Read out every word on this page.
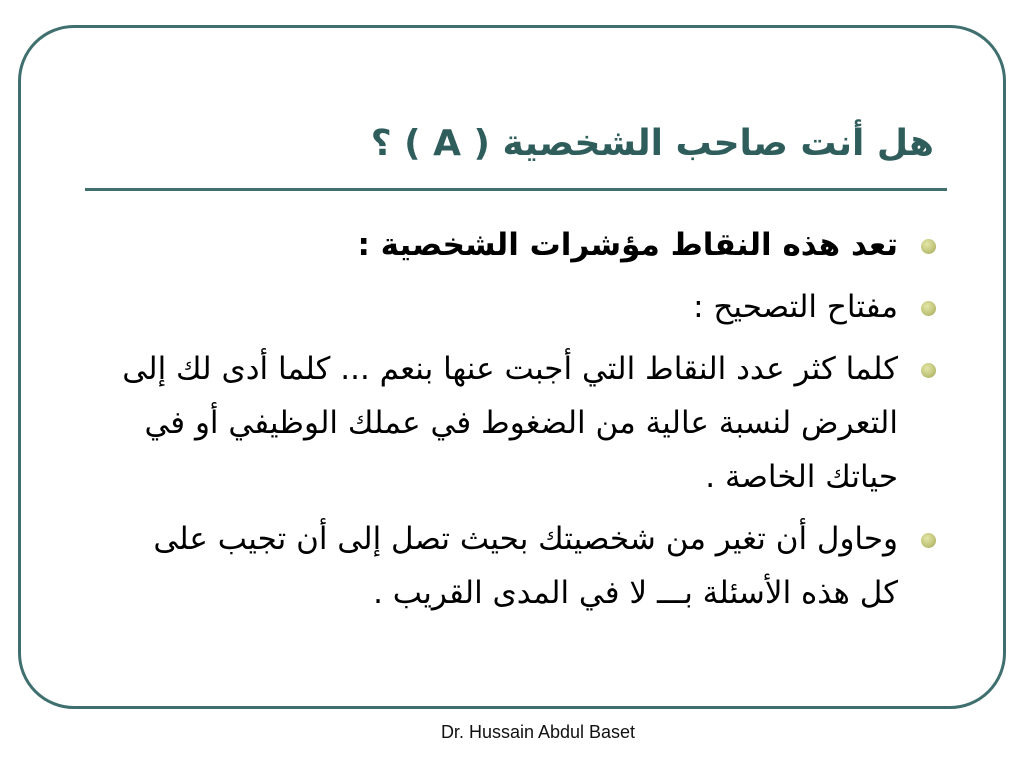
هل أنت صاحب الشخصية ( A ) ؟
تعد هذه النقاط مؤشرات الشخصية :
مفتاح التصحيح :
كلما كثر عدد النقاط التي أجبت عنها بنعم ... كلما أدى لك إلى التعرض لنسبة عالية من الضغوط في عملك الوظيفي أو في حياتك الخاصة .
وحاول أن تغير من شخصيتك بحيث تصل إلى أن تجيب على كل هذه الأسئلة بـــ لا في المدى القريب .
Dr. Hussain Abdul Baset
